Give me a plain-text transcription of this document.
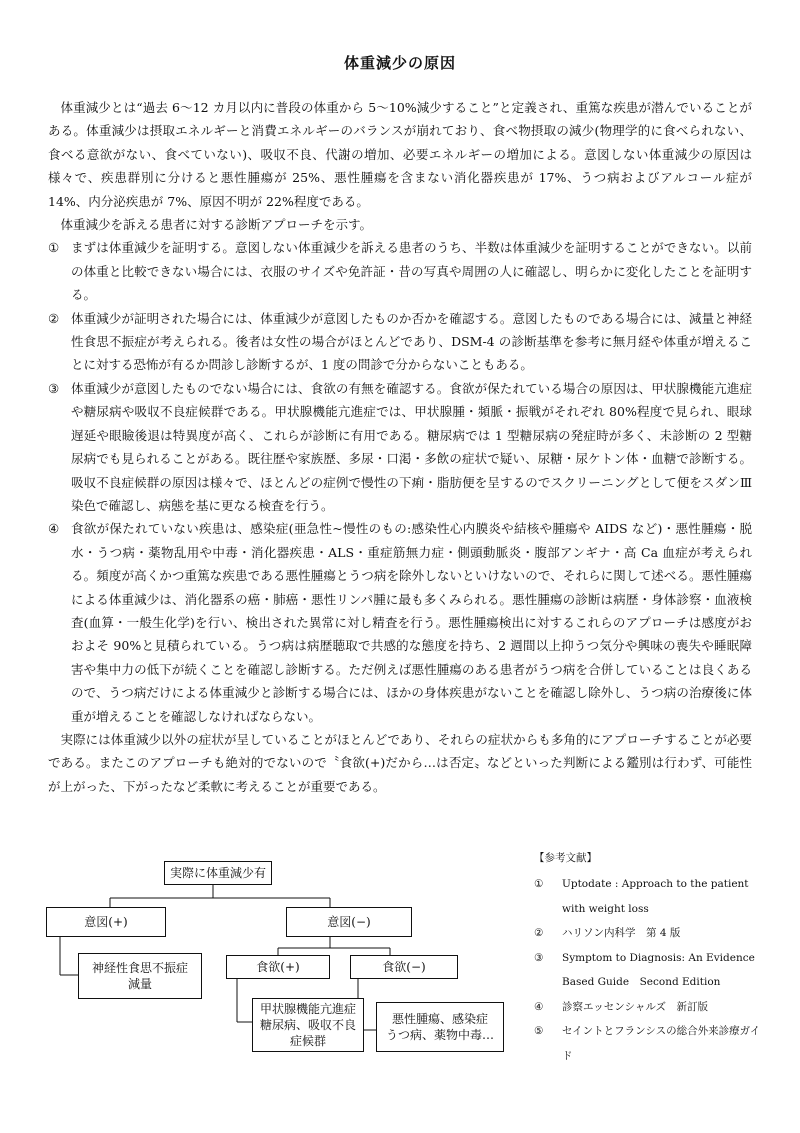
体重減少の原因

体重減少とは“過去 6〜12 カ月以内に普段の体重から 5〜10%減少すること”と定義され、重篤な疾患が潜んでいることがある。体重減少は摂取エネルギーと消費エネルギーのバランスが崩れており、食べ物摂取の減少(物理学的に食べられない、食べる意欲がない、食べていない)、吸収不良、代謝の増加、必要エネルギーの増加による。意図しない体重減少の原因は様々で、疾患群別に分けると悪性腫瘍が 25%、悪性腫瘍を含まない消化器疾患が 17%、うつ病およびアルコール症が 14%、内分泌疾患が 7%、原因不明が 22%程度である。

体重減少を訴える患者に対する診断アプローチを示す。

① まずは体重減少を証明する。意図しない体重減少を訴える患者のうち、半数は体重減少を証明することができない。以前の体重と比較できない場合には、衣服のサイズや免許証・昔の写真や周囲の人に確認し、明らかに変化したことを証明する。
② 体重減少が証明された場合には、体重減少が意図したものか否かを確認する。意図したものである場合には、減量と神経性食思不振症が考えられる。後者は女性の場合がほとんどであり、DSM-4 の診断基準を参考に無月経や体重が増えることに対する恐怖が有るか問診し診断するが、1 度の問診で分からないこともある。
③ 体重減少が意図したものでない場合には、食欲の有無を確認する。食欲が保たれている場合の原因は、甲状腺機能亢進症や糖尿病や吸収不良症候群である。甲状腺機能亢進症では、甲状腺腫・頻脈・振戦がそれぞれ 80%程度で見られ、眼球遅延や眼瞼後退は特異度が高く、これらが診断に有用である。糖尿病では 1 型糖尿病の発症時が多く、未診断の 2 型糖尿病でも見られることがある。既往歴や家族歴、多尿・口渇・多飲の症状で疑い、尿糖・尿ケトン体・血糖で診断する。吸収不良症候群の原因は様々で、ほとんどの症例で慢性の下痢・脂肪便を呈するのでスクリーニングとして便をスダンⅢ染色で確認し、病態を基に更なる検査を行う。
④ 食欲が保たれていない疾患は、感染症(亜急性~慢性のもの:感染性心内膜炎や結核や腫瘍や AIDS など)・悪性腫瘍・脱水・うつ病・薬物乱用や中毒・消化器疾患・ALS・重症筋無力症・側頭動脈炎・腹部アンギナ・高 Ca 血症が考えられる。頻度が高くかつ重篤な疾患である悪性腫瘍とうつ病を除外しないといけないので、それらに関して述べる。悪性腫瘍による体重減少は、消化器系の癌・肺癌・悪性リンパ腫に最も多くみられる。悪性腫瘍の診断は病歴・身体診察・血液検査(血算・一般生化学)を行い、検出された異常に対し精査を行う。悪性腫瘍検出に対するこれらのアプローチは感度がおおよそ 90%と見積られている。うつ病は病歴聴取で共感的な態度を持ち、2 週間以上抑うつ気分や興味の喪失や睡眠障害や集中力の低下が続くことを確認し診断する。ただ例えば悪性腫瘍のある患者がうつ病を合併していることは良くあるので、うつ病だけによる体重減少と診断する場合には、ほかの身体疾患がないことを確認し除外し、うつ病の治療後に体重が増えることを確認しなければならない。

実際には体重減少以外の症状が呈していることがほとんどであり、それらの症状からも多角的にアプローチすることが必要である。またこのアプローチも絶対的でないので〝食欲(+)だから…は否定〟などといった判断による鑑別は行わず、可能性が上がった、下がったなど柔軟に考えることが重要である。

実際に体重減少有
意図(+)	意図(−)
神経性食思不振症
減量
食欲(+)	食欲(−)
甲状腺機能亢進症
糖尿病、吸収不良
症候群
悪性腫瘍、感染症
うつ病、薬物中毒…
【参考文献】
① Uptodate : Approach to the patient with weight loss
② ハリソン内科学　第 4 版
③ Symptom to Diagnosis: An Evidence Based Guide　Second Edition
④ 診察エッセンシャルズ　新訂版
⑤ セイントとフランシスの総合外来診療ガイド
